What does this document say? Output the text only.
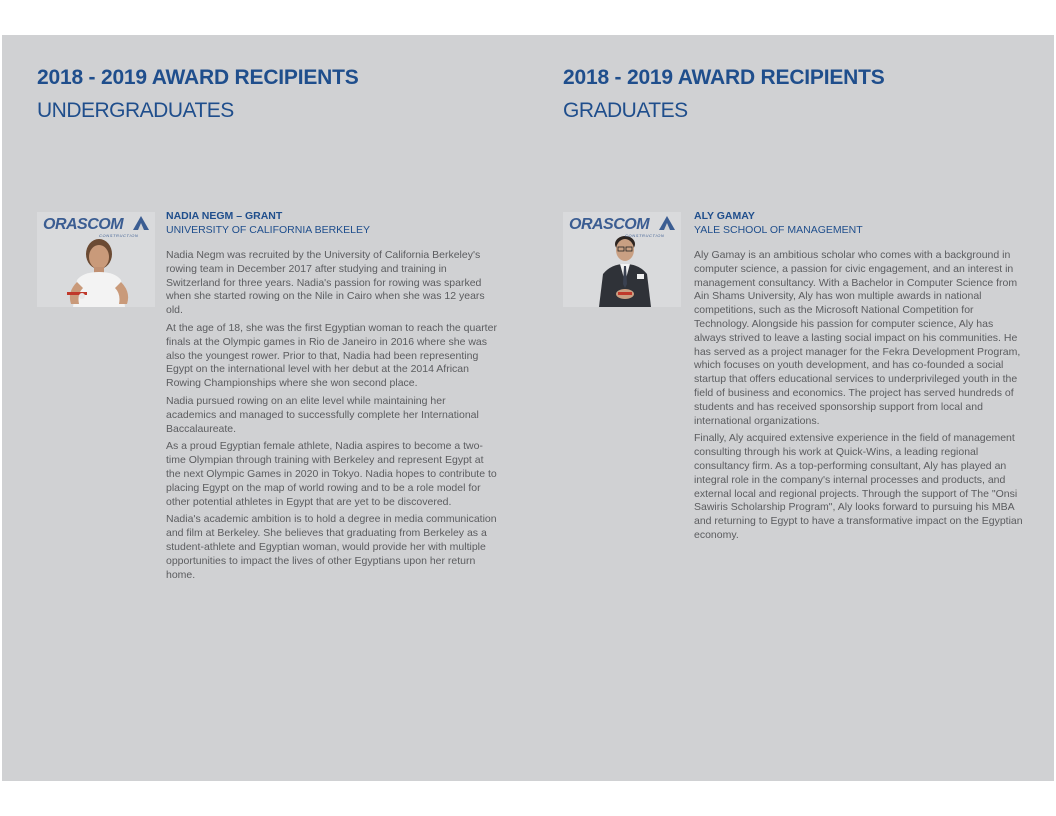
2018 - 2019 AWARD RECIPIENTS
UNDERGRADUATES
ORASCOM
CONSTRUCTION
NADIA NEGM – GRANT
UNIVERSITY OF CALIFORNIA BERKELEY

Nadia Negm was recruited by the University of California Berkeley's rowing team in December 2017 after studying and training in Switzerland for three years. Nadia's passion for rowing was sparked when she started rowing on the Nile in Cairo when she was 12 years old.

At the age of 18, she was the first Egyptian woman to reach the quarter finals at the Olympic games in Rio de Janeiro in 2016 where she was also the youngest rower. Prior to that, Nadia had been representing Egypt on the international level with her debut at the 2014 African Rowing Championships where she won second place.

Nadia pursued rowing on an elite level while maintaining her academics and managed to successfully complete her International Baccalaureate.

As a proud Egyptian female athlete, Nadia aspires to become a two-time Olympian through training with Berkeley and represent Egypt at the next Olympic Games in 2020 in Tokyo. Nadia hopes to contribute to placing Egypt on the map of world rowing and to be a role model for other potential athletes in Egypt that are yet to be discovered.

Nadia's academic ambition is to hold a degree in media communication and film at Berkeley. She believes that graduating from Berkeley as a student-athlete and Egyptian woman, would provide her with multiple opportunities to impact the lives of other Egyptians upon her return home.

2018 - 2019 AWARD RECIPIENTS
GRADUATES
ORASCOM
CONSTRUCTION
ALY GAMAY
YALE SCHOOL OF MANAGEMENT

Aly Gamay is an ambitious scholar who comes with a background in computer science, a passion for civic engagement, and an interest in management consultancy. With a Bachelor in Computer Science from Ain Shams University, Aly has won multiple awards in national competitions, such as the Microsoft National Competition for Technology. Alongside his passion for computer science, Aly has always strived to leave a lasting social impact on his communities. He has served as a project manager for the Fekra Development Program, which focuses on youth development, and has co-founded a social startup that offers educational services to underprivileged youth in the field of business and economics. The project has served hundreds of students and has received sponsorship support from local and international organizations.

Finally, Aly acquired extensive experience in the field of management consulting through his work at Quick-Wins, a leading regional consultancy firm. As a top-performing consultant, Aly has played an integral role in the company's internal processes and products, and external local and regional projects. Through the support of The "Onsi Sawiris Scholarship Program", Aly looks forward to pursuing his MBA and returning to Egypt to have a transformative impact on the Egyptian economy.
